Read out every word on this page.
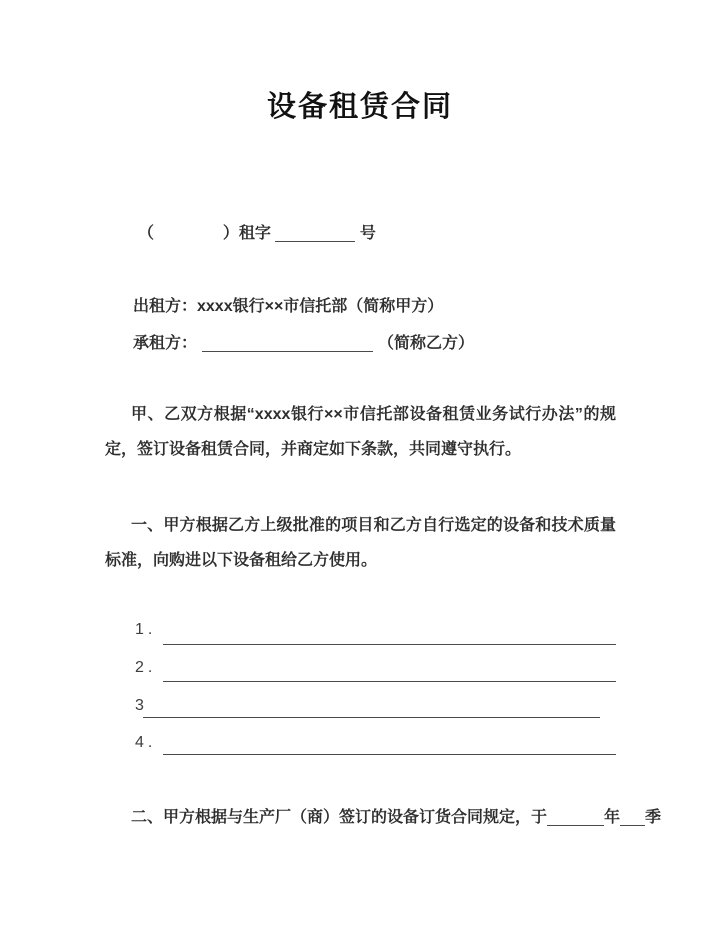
设备租赁合同
（	）租字	号
出租方：xxxx银行××市信托部（简称甲方）
承租方：	（简称乙方）

甲、乙双方根据“xxxx银行××市信托部设备租赁业务试行办法”的规定，签订设备租赁合同，并商定如下条款，共同遵守执行。

一、甲方根据乙方上级批准的项目和乙方自行选定的设备和技术质量标准，向购进以下设备租给乙方使用。

1.
2.
3
4.

二、甲方根据与生产厂（商）签订的设备订货合同规定，于	年 季
